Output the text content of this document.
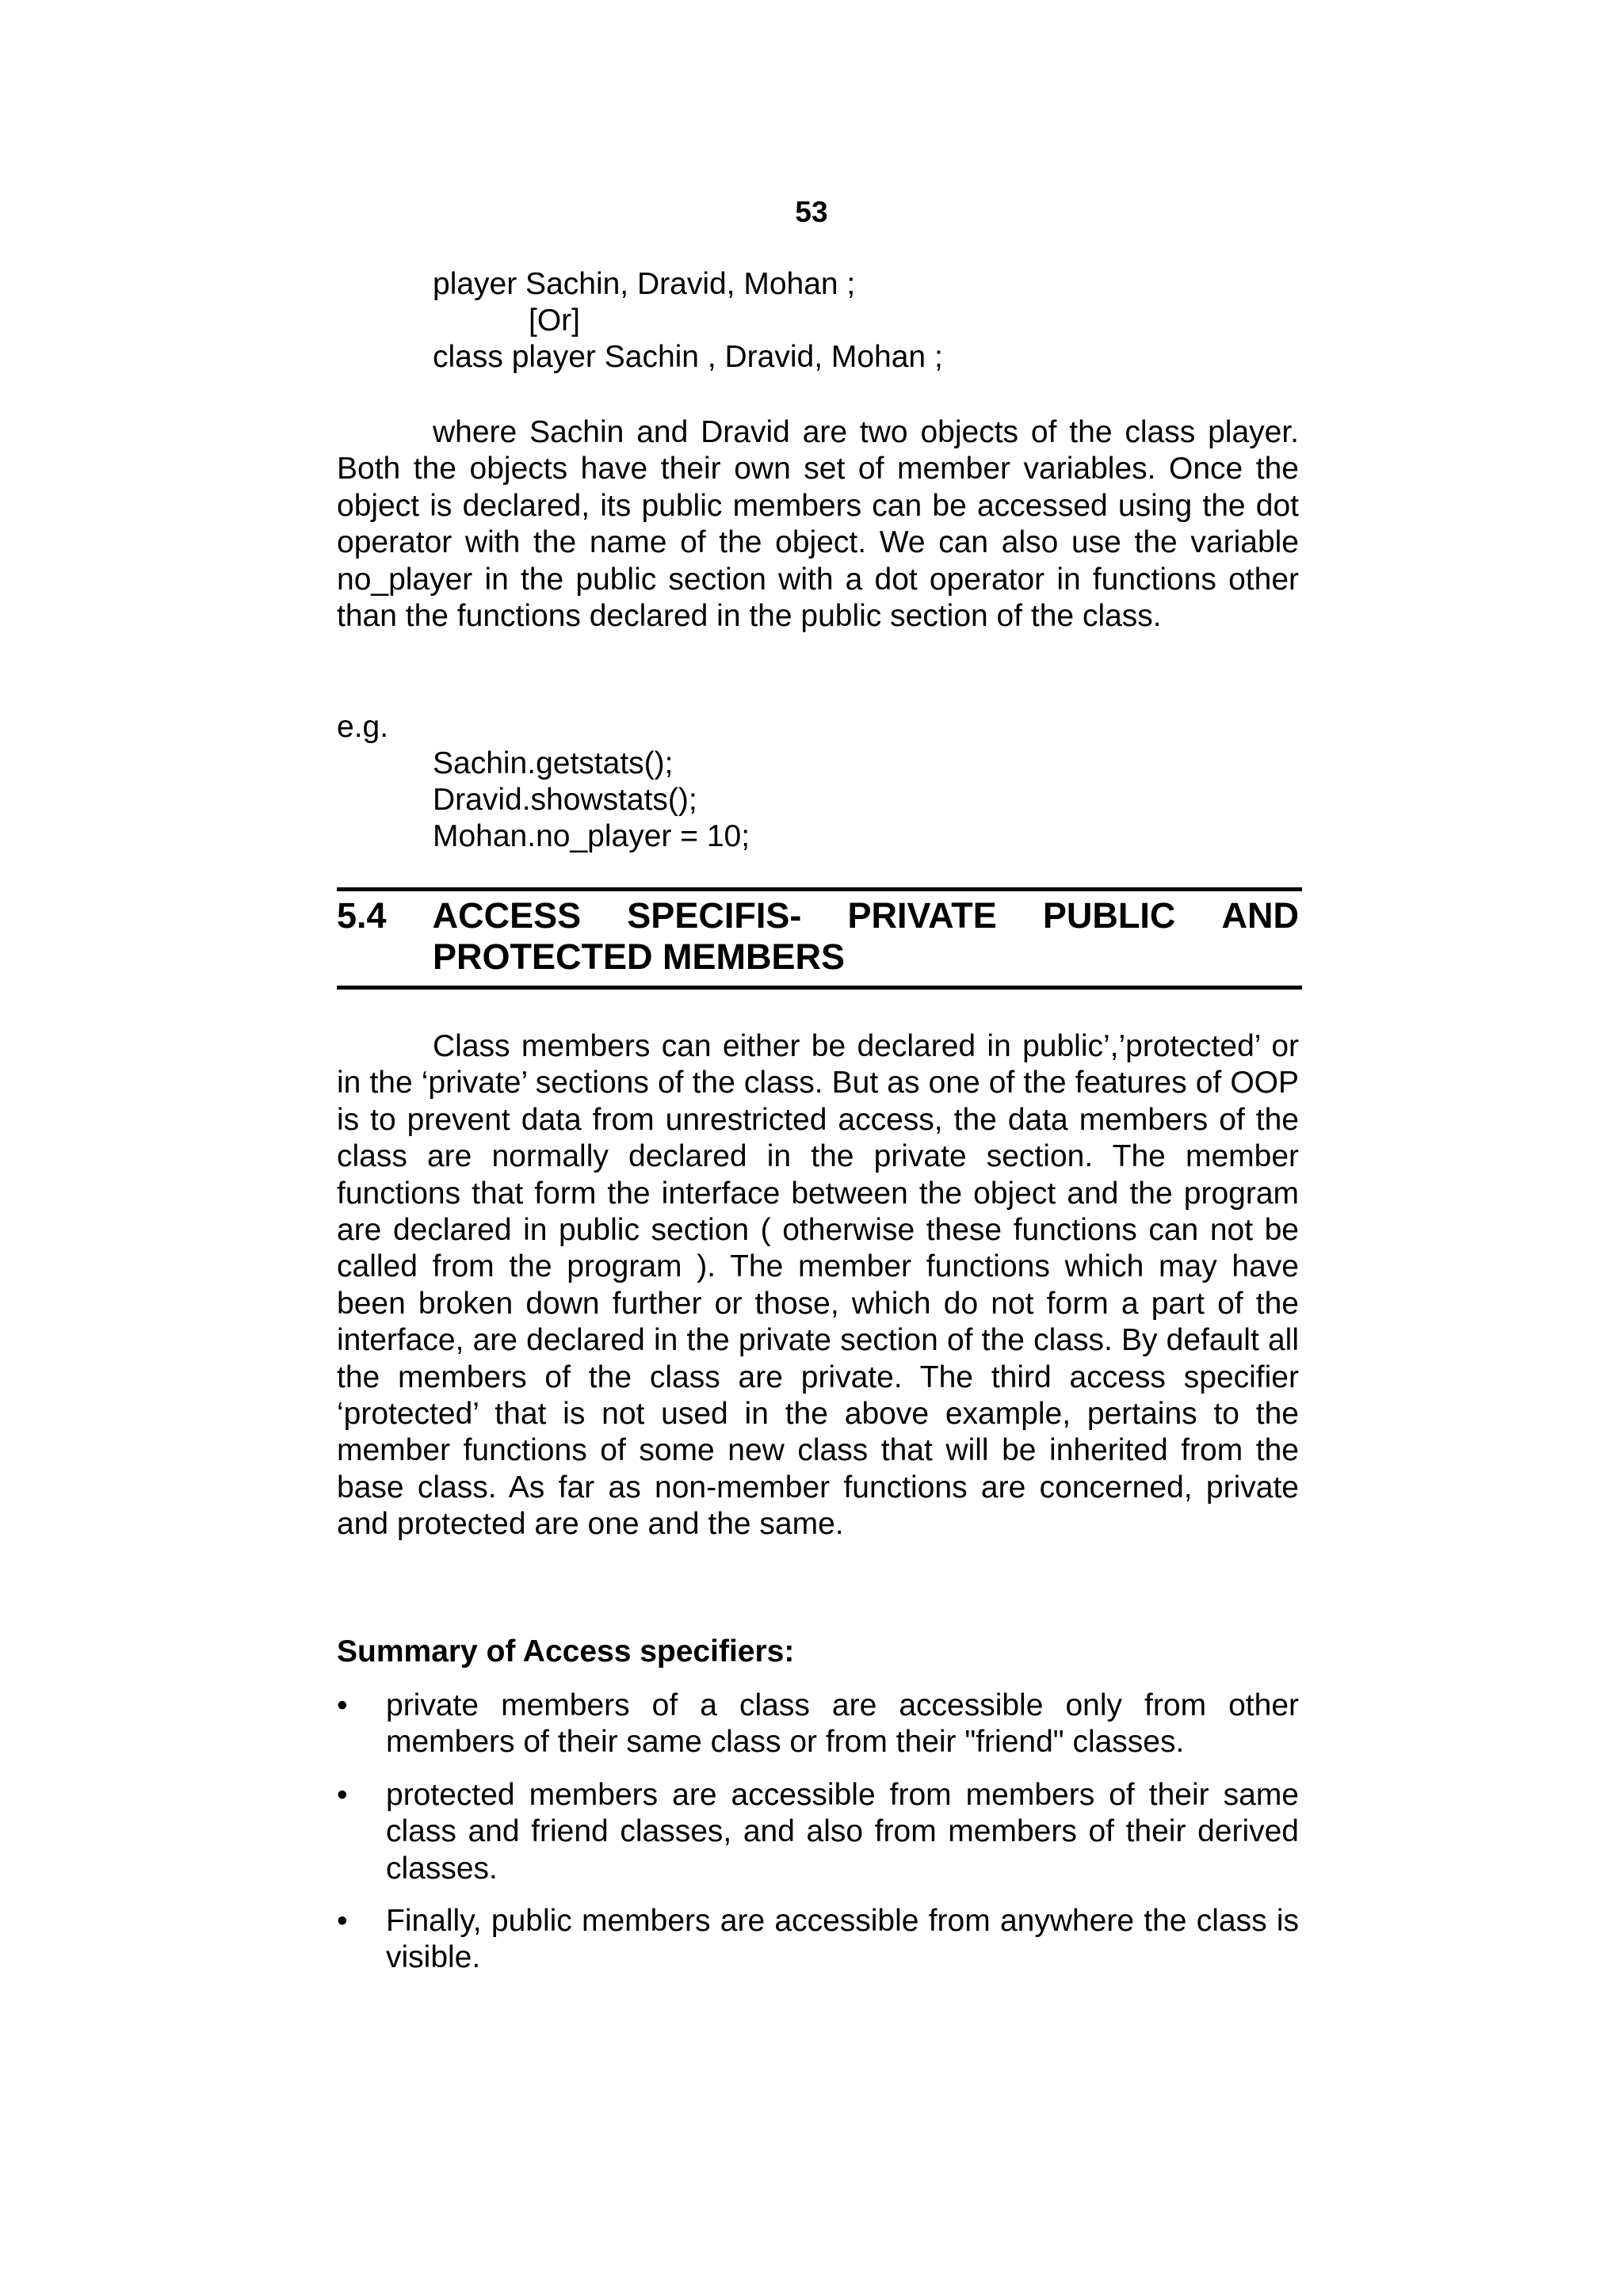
53
player Sachin, Dravid, Mohan ;
[Or]
class player Sachin , Dravid, Mohan ;

where Sachin and Dravid are two objects of the class player. Both the objects have their own set of member variables. Once the object is declared, its public members can be accessed using the dot operator with the name of the object. We can also use the variable no_player in the public section with a dot operator in functions other than the functions declared in the public section of the class.

e.g.
Sachin.getstats();
Dravid.showstats();
Mohan.no_player = 10;
5.4 ACCESS SPECIFIS- PRIVATE PUBLIC AND
PROTECTED MEMBERS

Class members can either be declared in public’,’protected’ or in the ‘private’ sections of the class. But as one of the features of OOP is to prevent data from unrestricted access, the data members of the class are normally declared in the private section. The member functions that form the interface between the object and the program are declared in public section ( otherwise these functions can not be called from the program ). The member functions which may have been broken down further or those, which do not form a part of the interface, are declared in the private section of the class. By default all the members of the class are private. The third access specifier ‘protected’ that is not used in the above example, pertains to the member functions of some new class that will be inherited from the base class. As far as non-member functions are concerned, private and protected are one and the same.

Summary of Access specifiers:
• private members of a class are accessible only from other members of their same class or from their "friend" classes.
• protected members are accessible from members of their same class and friend classes, and also from members of their derived classes.
• Finally, public members are accessible from anywhere the class is visible.
